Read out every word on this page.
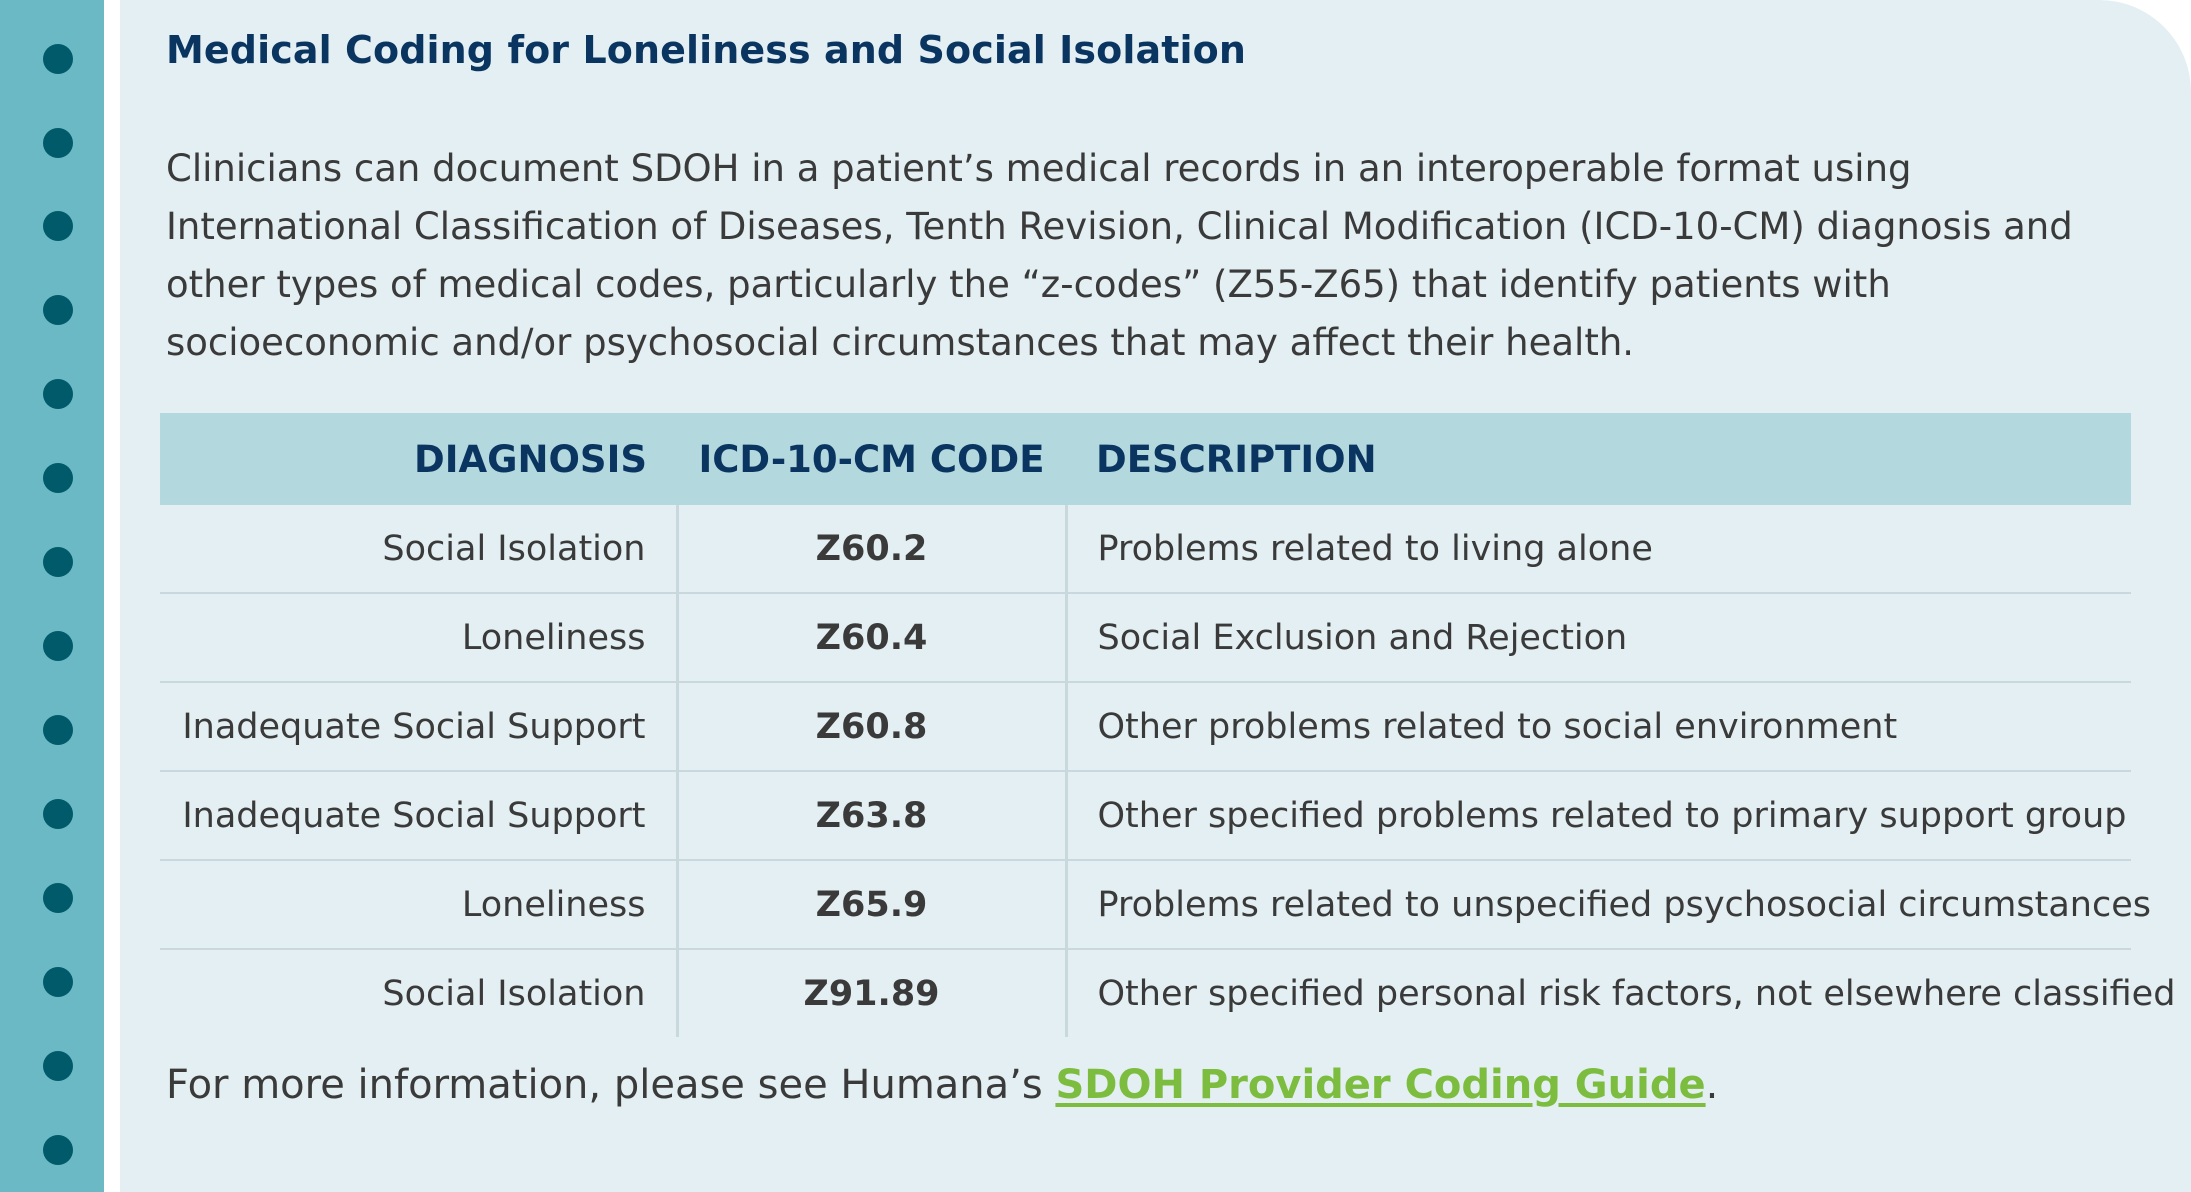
Medical Coding for Loneliness and Social Isolation

Clinicians can document SDOH in a patient’s medical records in an interoperable format using International Classification of Diseases, Tenth Revision, Clinical Modification (ICD-10-CM) diagnosis and other types of medical codes, particularly the “z-codes” (Z55-Z65) that identify patients with socioeconomic and/or psychosocial circumstances that may affect their health.

DIAGNOSIS	ICD-10-CM CODE	DESCRIPTION
Social Isolation	Z60.2	Problems related to living alone
Loneliness	Z60.4	Social Exclusion and Rejection
Inadequate Social Support	Z60.8	Other problems related to social environment
Inadequate Social Support	Z63.8	Other specified problems related to primary support group
Loneliness	Z65.9	Problems related to unspecified psychosocial circumstances
Social Isolation	Z91.89	Other specified personal risk factors, not elsewhere classified

For more information, please see Humana’s SDOH Provider Coding Guide.
